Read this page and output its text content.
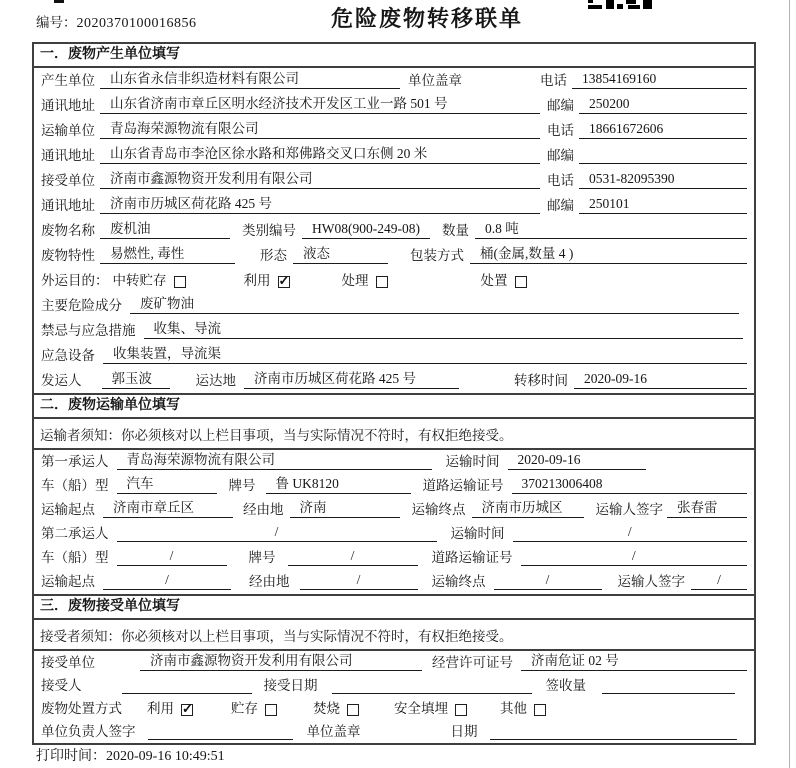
编号：2020370100016856	危险废物转移联单
一．废物产生单位填写
产生单位	山东省永信非织造材料有限公司	单位盖章	电话	13854169160
通讯地址	山东省济南市章丘区明水经济技术开发区工业一路 501 号	邮编	250200
运输单位	青岛海荣源物流有限公司	电话	18661672606
通讯地址	山东省青岛市李沧区徐水路和郑佛路交叉口东侧 20 米	邮编
接受单位	济南市鑫源物资开发利用有限公司	电话	0531-82095390
通讯地址	济南市历城区荷花路 425 号	邮编	250101
废物名称	废机油	类别编号	HW08(900-249-08)	数量	0.8 吨
废物特性	易燃性, 毒性	形态	液态	包装方式	桶(金属,数量 4 )
外运目的： 中转贮存	利用 ✓	处理	处置
主要危险成分	废矿物油
禁忌与应急措施	收集、导流
应急设备	收集装置，导流渠
发运人	郭玉波	运达地	济南市历城区荷花路 425 号	转移时间	2020-09-16
二．废物运输单位填写
运输者须知：你必须核对以上栏目事项，当与实际情况不符时，有权拒绝接受。
第一承运人	青岛海荣源物流有限公司	运输时间	2020-09-16
车（船）型	汽车	牌号	鲁 UK8120	道路运输证号	370213006408
运输起点	济南市章丘区	经由地	济南	运输终点	济南市历城区	运输人签字	张春雷
第二承运人	/	运输时间	/
车（船）型	/	牌号	/	道路运输证号	/
运输起点	/	经由地	/	运输终点	/	运输人签字	/
三．废物接受单位填写
接受者须知：你必须核对以上栏目事项，当与实际情况不符时，有权拒绝接受。
接受单位	济南市鑫源物资开发利用有限公司	经营许可证号	济南危证 02 号
接受人	接受日期	签收量
废物处置方式 利用 ✓	贮存	焚烧	安全填埋	其他
单位负责人签字	单位盖章	日期
打印时间：2020-09-16 10:49:51
